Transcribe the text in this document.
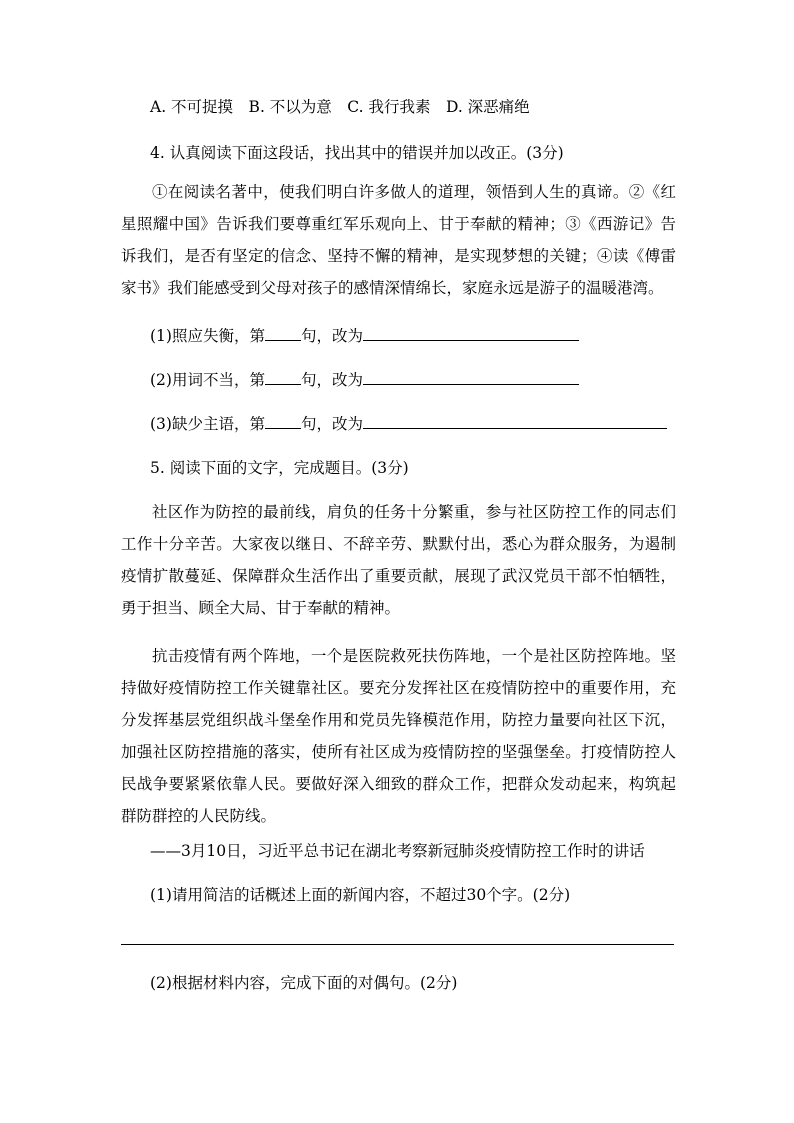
A. 不可捉摸　B. 不以为意　C. 我行我素　D. 深恶痛绝
4. 认真阅读下面这段话，找出其中的错误并加以改正。(3分)

①在阅读名著中，使我们明白许多做人的道理，领悟到人生的真谛。②《红星照耀中国》告诉我们要尊重红军乐观向上、甘于奉献的精神；③《西游记》告诉我们，是否有坚定的信念、坚持不懈的精神，是实现梦想的关键；④读《傅雷家书》我们能感受到父母对孩子的感情深情绵长，家庭永远是游子的温暖港湾。

(1)照应失衡，第 句，改为
(2)用词不当，第 句，改为
(3)缺少主语，第 句，改为
5. 阅读下面的文字，完成题目。(3分)

社区作为防控的最前线，肩负的任务十分繁重，参与社区防控工作的同志们工作十分辛苦。大家夜以继日、不辞辛劳、默默付出，悉心为群众服务，为遏制疫情扩散蔓延、保障群众生活作出了重要贡献，展现了武汉党员干部不怕牺牲，勇于担当、顾全大局、甘于奉献的精神。

抗击疫情有两个阵地，一个是医院救死扶伤阵地，一个是社区防控阵地。坚持做好疫情防控工作关键靠社区。要充分发挥社区在疫情防控中的重要作用，充分发挥基层党组织战斗堡垒作用和党员先锋模范作用，防控力量要向社区下沉，加强社区防控措施的落实，使所有社区成为疫情防控的坚强堡垒。打疫情防控人民战争要紧紧依靠人民。要做好深入细致的群众工作，把群众发动起来，构筑起群防群控的人民防线。

——3月10日，习近平总书记在湖北考察新冠肺炎疫情防控工作时的讲话
(1)请用简洁的话概述上面的新闻内容，不超过30个字。(2分)
(2)根据材料内容，完成下面的对偶句。(2分)
